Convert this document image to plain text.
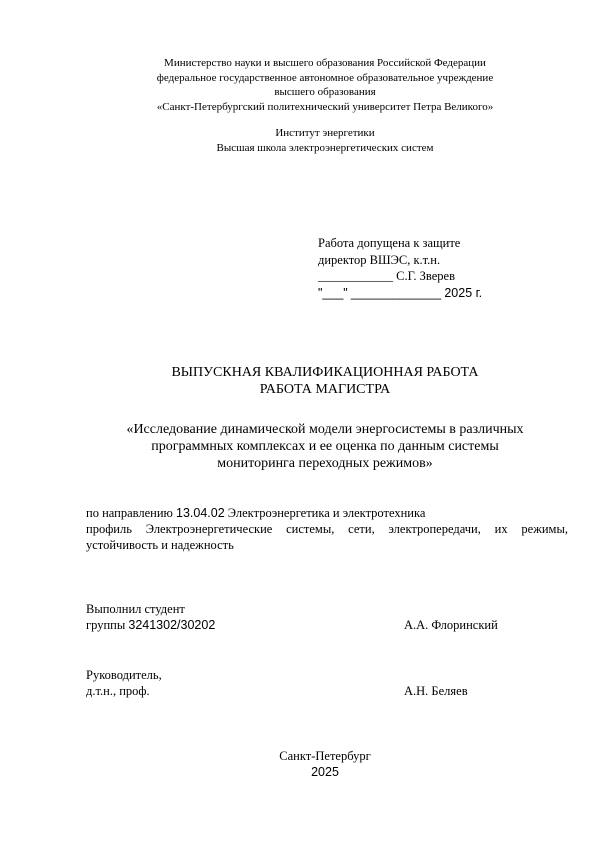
Министерство науки и высшего образования Российской Федерации
федеральное государственное автономное образовательное учреждение
высшего образования
«Санкт-Петербургский политехнический университет Петра Великого»
Институт энергетики
Высшая школа электроэнергетических систем
Работа допущена к защите
директор ВШЭС, к.т.н.
____________ С.Г. Зверев
"___" _____________ 2025 г.
ВЫПУСКНАЯ КВАЛИФИКАЦИОННАЯ РАБОТА
РАБОТА МАГИСТРА
«Исследование динамической модели энергосистемы в различных
программных комплексах и ее оценка по данным системы
мониторинга переходных режимов»
по направлению 13.04.02 Электроэнергетика и электротехника
профиль Электроэнергетические системы, сети, электропередачи, их режимы,
устойчивость и надежность
Выполнил студент
группы 3241302/30202	А.А. Флоринский
Руководитель,
д.т.н., проф.	А.Н. Беляев
Санкт-Петербург
2025
